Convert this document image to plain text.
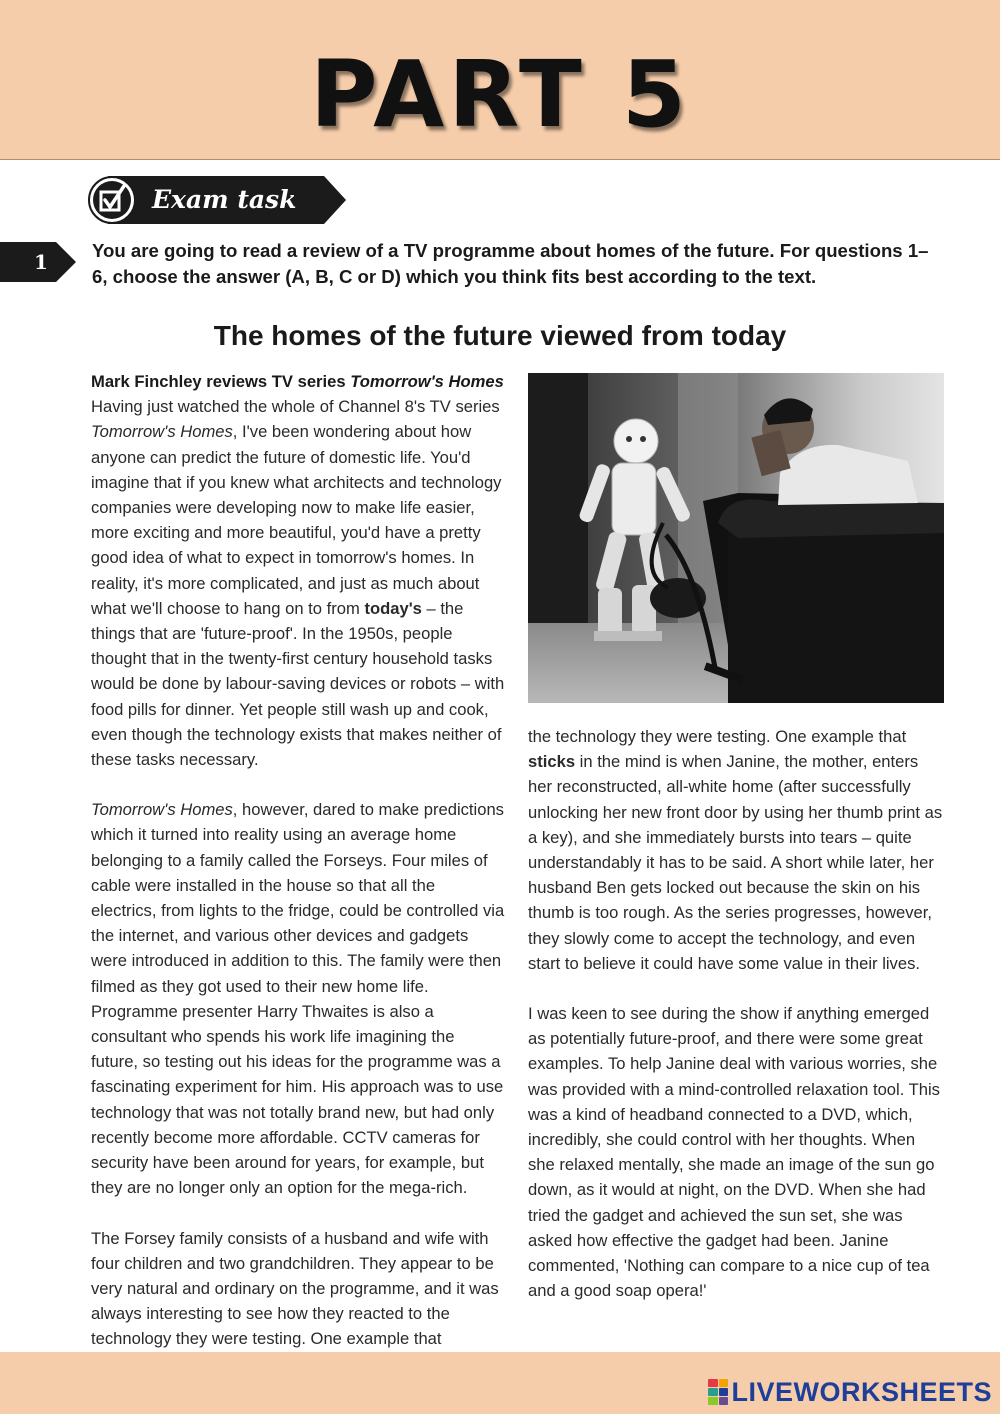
PART 5
Exam task
1 You are going to read a review of a TV programme about homes of the future. For questions 1–6, choose the answer (A, B, C or D) which you think fits best according to the text.
The homes of the future viewed from today

Mark Finchley reviews TV series Tomorrow's Homes
Having just watched the whole of Channel 8's TV series Tomorrow's Homes, I've been wondering about how anyone can predict the future of domestic life. You'd imagine that if you knew what architects and technology companies were developing now to make life easier, more exciting and more beautiful, you'd have a pretty good idea of what to expect in tomorrow's homes. In reality, it's more complicated, and just as much about what we'll choose to hang on to from today's – the things that are 'future-proof'. In the 1950s, people thought that in the twenty-first century household tasks would be done by labour-saving devices or robots – with food pills for dinner. Yet people still wash up and cook, even though the technology exists that makes neither of these tasks necessary.

Tomorrow's Homes, however, dared to make predictions which it turned into reality using an average home belonging to a family called the Forseys. Four miles of cable were installed in the house so that all the electrics, from lights to the fridge, could be controlled via the internet, and various other devices and gadgets were introduced in addition to this. The family were then filmed as they got used to their new home life. Programme presenter Harry Thwaites is also a consultant who spends his work life imagining the future, so testing out his ideas for the programme was a fascinating experiment for him. His approach was to use technology that was not totally brand new, but had only recently become more affordable. CCTV cameras for security have been around for years, for example, but they are no longer only an option for the mega-rich.

The Forsey family consists of a husband and wife with four children and two grandchildren. They appear to be very natural and ordinary on the programme, and it was always interesting to see how they reacted to the technology they were testing. One example that

the technology they were testing. One example that sticks in the mind is when Janine, the mother, enters her reconstructed, all-white home (after successfully unlocking her new front door by using her thumb print as a key), and she immediately bursts into tears – quite understandably it has to be said. A short while later, her husband Ben gets locked out because the skin on his thumb is too rough. As the series progresses, however, they slowly come to accept the technology, and even start to believe it could have some value in their lives.

I was keen to see during the show if anything emerged as potentially future-proof, and there were some great examples. To help Janine deal with various worries, she was provided with a mind-controlled relaxation tool. This was a kind of headband connected to a DVD, which, incredibly, she could control with her thoughts. When she relaxed mentally, she made an image of the sun go down, as it would at night, on the DVD. When she had tried the gadget and achieved the sun set, she was asked how effective the gadget had been. Janine commented, 'Nothing can compare to a nice cup of tea and a good soap opera!'

LIVEWORKSHEETS
